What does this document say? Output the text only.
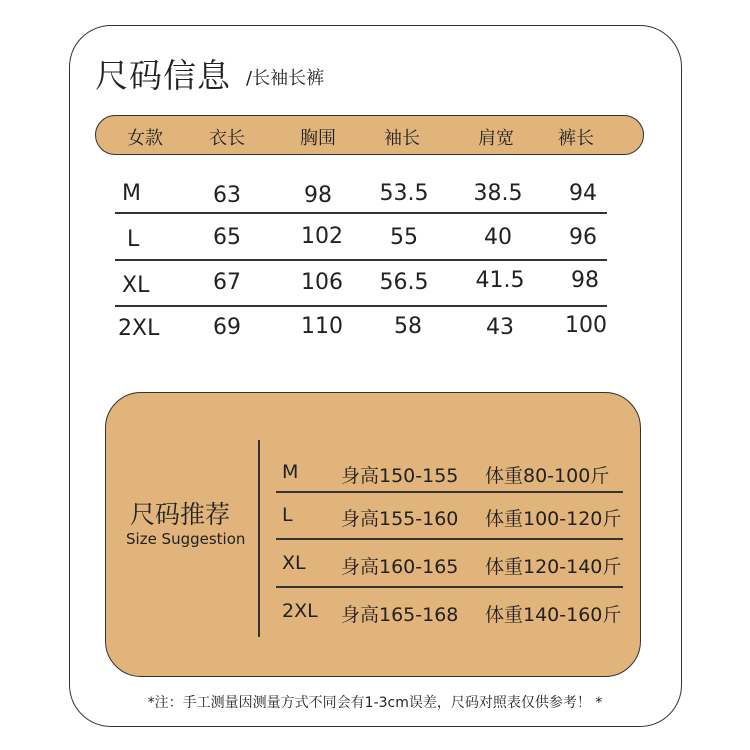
尺码信息 /长袖长裤
女款	衣长	胸围	袖长	肩宽 裤长
M	63	98 53.5 38.5 94
L	65	102 55	40	96
XL	67	106 56.5 41.5 98
2XL 69	110 58	43 100
尺码推荐
Size Suggestion
M 身高150-155 体重80-100斤
L	身高155-160 体重100-120斤
XL 身高160-165 体重120-140斤
2XL 身高165-168 体重140-160斤
*注：手工测量因测量方式不同会有1-3cm误差，尺码对照表仅供参考！ *
